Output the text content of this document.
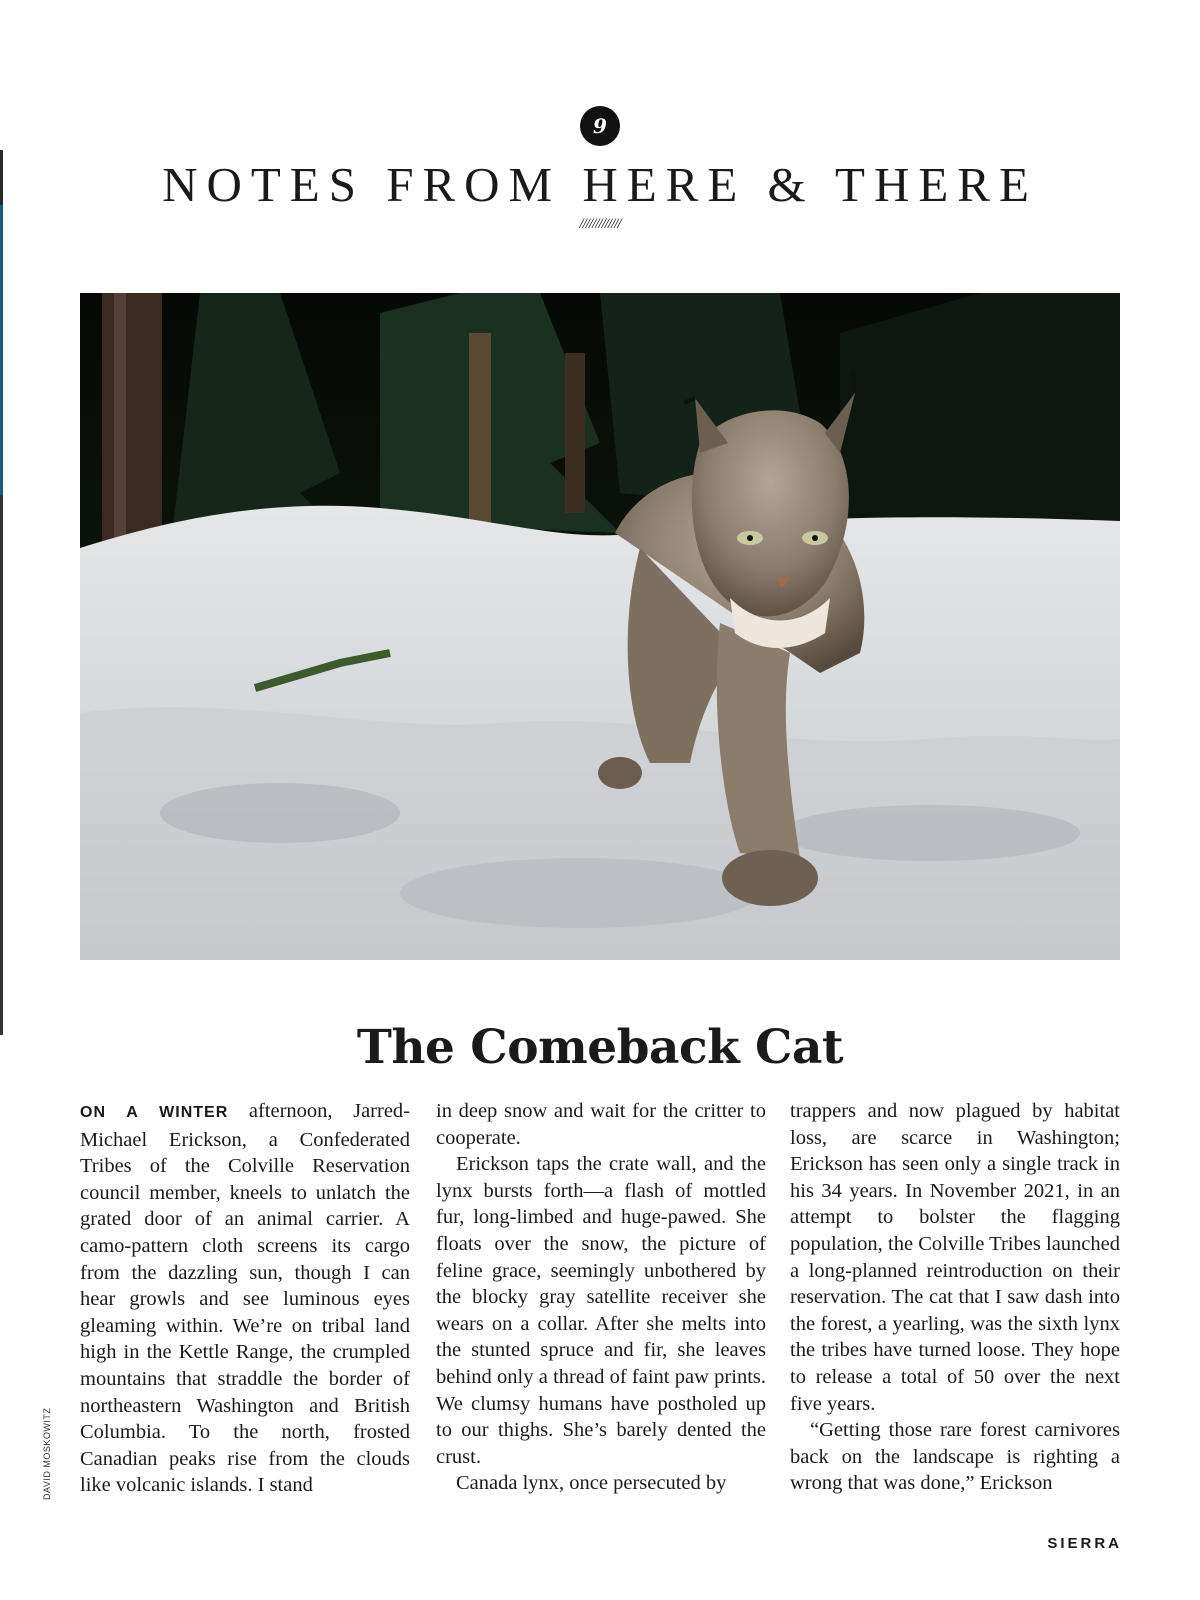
9
NOTES FROM HERE & THERE
/////////////
The Comeback Cat

ON A WINTER afternoon, Jarred-Michael Erickson, a Confederated Tribes of the Colville Reservation council member, kneels to unlatch the grated door of an animal carrier. A camo-pattern cloth screens its cargo from the dazzling sun, though I can hear growls and see luminous eyes gleaming within. We’re on tribal land high in the Kettle Range, the crumpled mountains that straddle the border of northeastern Washington and British Columbia. To the north, frosted Canadian peaks rise from the clouds like volcanic islands. I stand

in deep snow and wait for the critter to cooperate.

Erickson taps the crate wall, and the lynx bursts forth—a flash of mottled fur, long-limbed and huge-pawed. She floats over the snow, the picture of feline grace, seemingly unbothered by the blocky gray satellite receiver she wears on a collar. After she melts into the stunted spruce and fir, she leaves behind only a thread of faint paw prints. We clumsy humans have postholed up to our thighs. She’s barely dented the crust.

Canada lynx, once persecuted by

trappers and now plagued by habitat loss, are scarce in Washington; Erickson has seen only a single track in his 34 years. In November 2021, in an attempt to bolster the flagging population, the Colville Tribes launched a long-planned reintroduction on their reservation. The cat that I saw dash into the forest, a yearling, was the sixth lynx the tribes have turned loose. They hope to release a total of 50 over the next five years.

“Getting those rare forest carnivores back on the landscape is righting a wrong that was done,” Erickson

DAVID MOSKOWITZ
SIERRA
